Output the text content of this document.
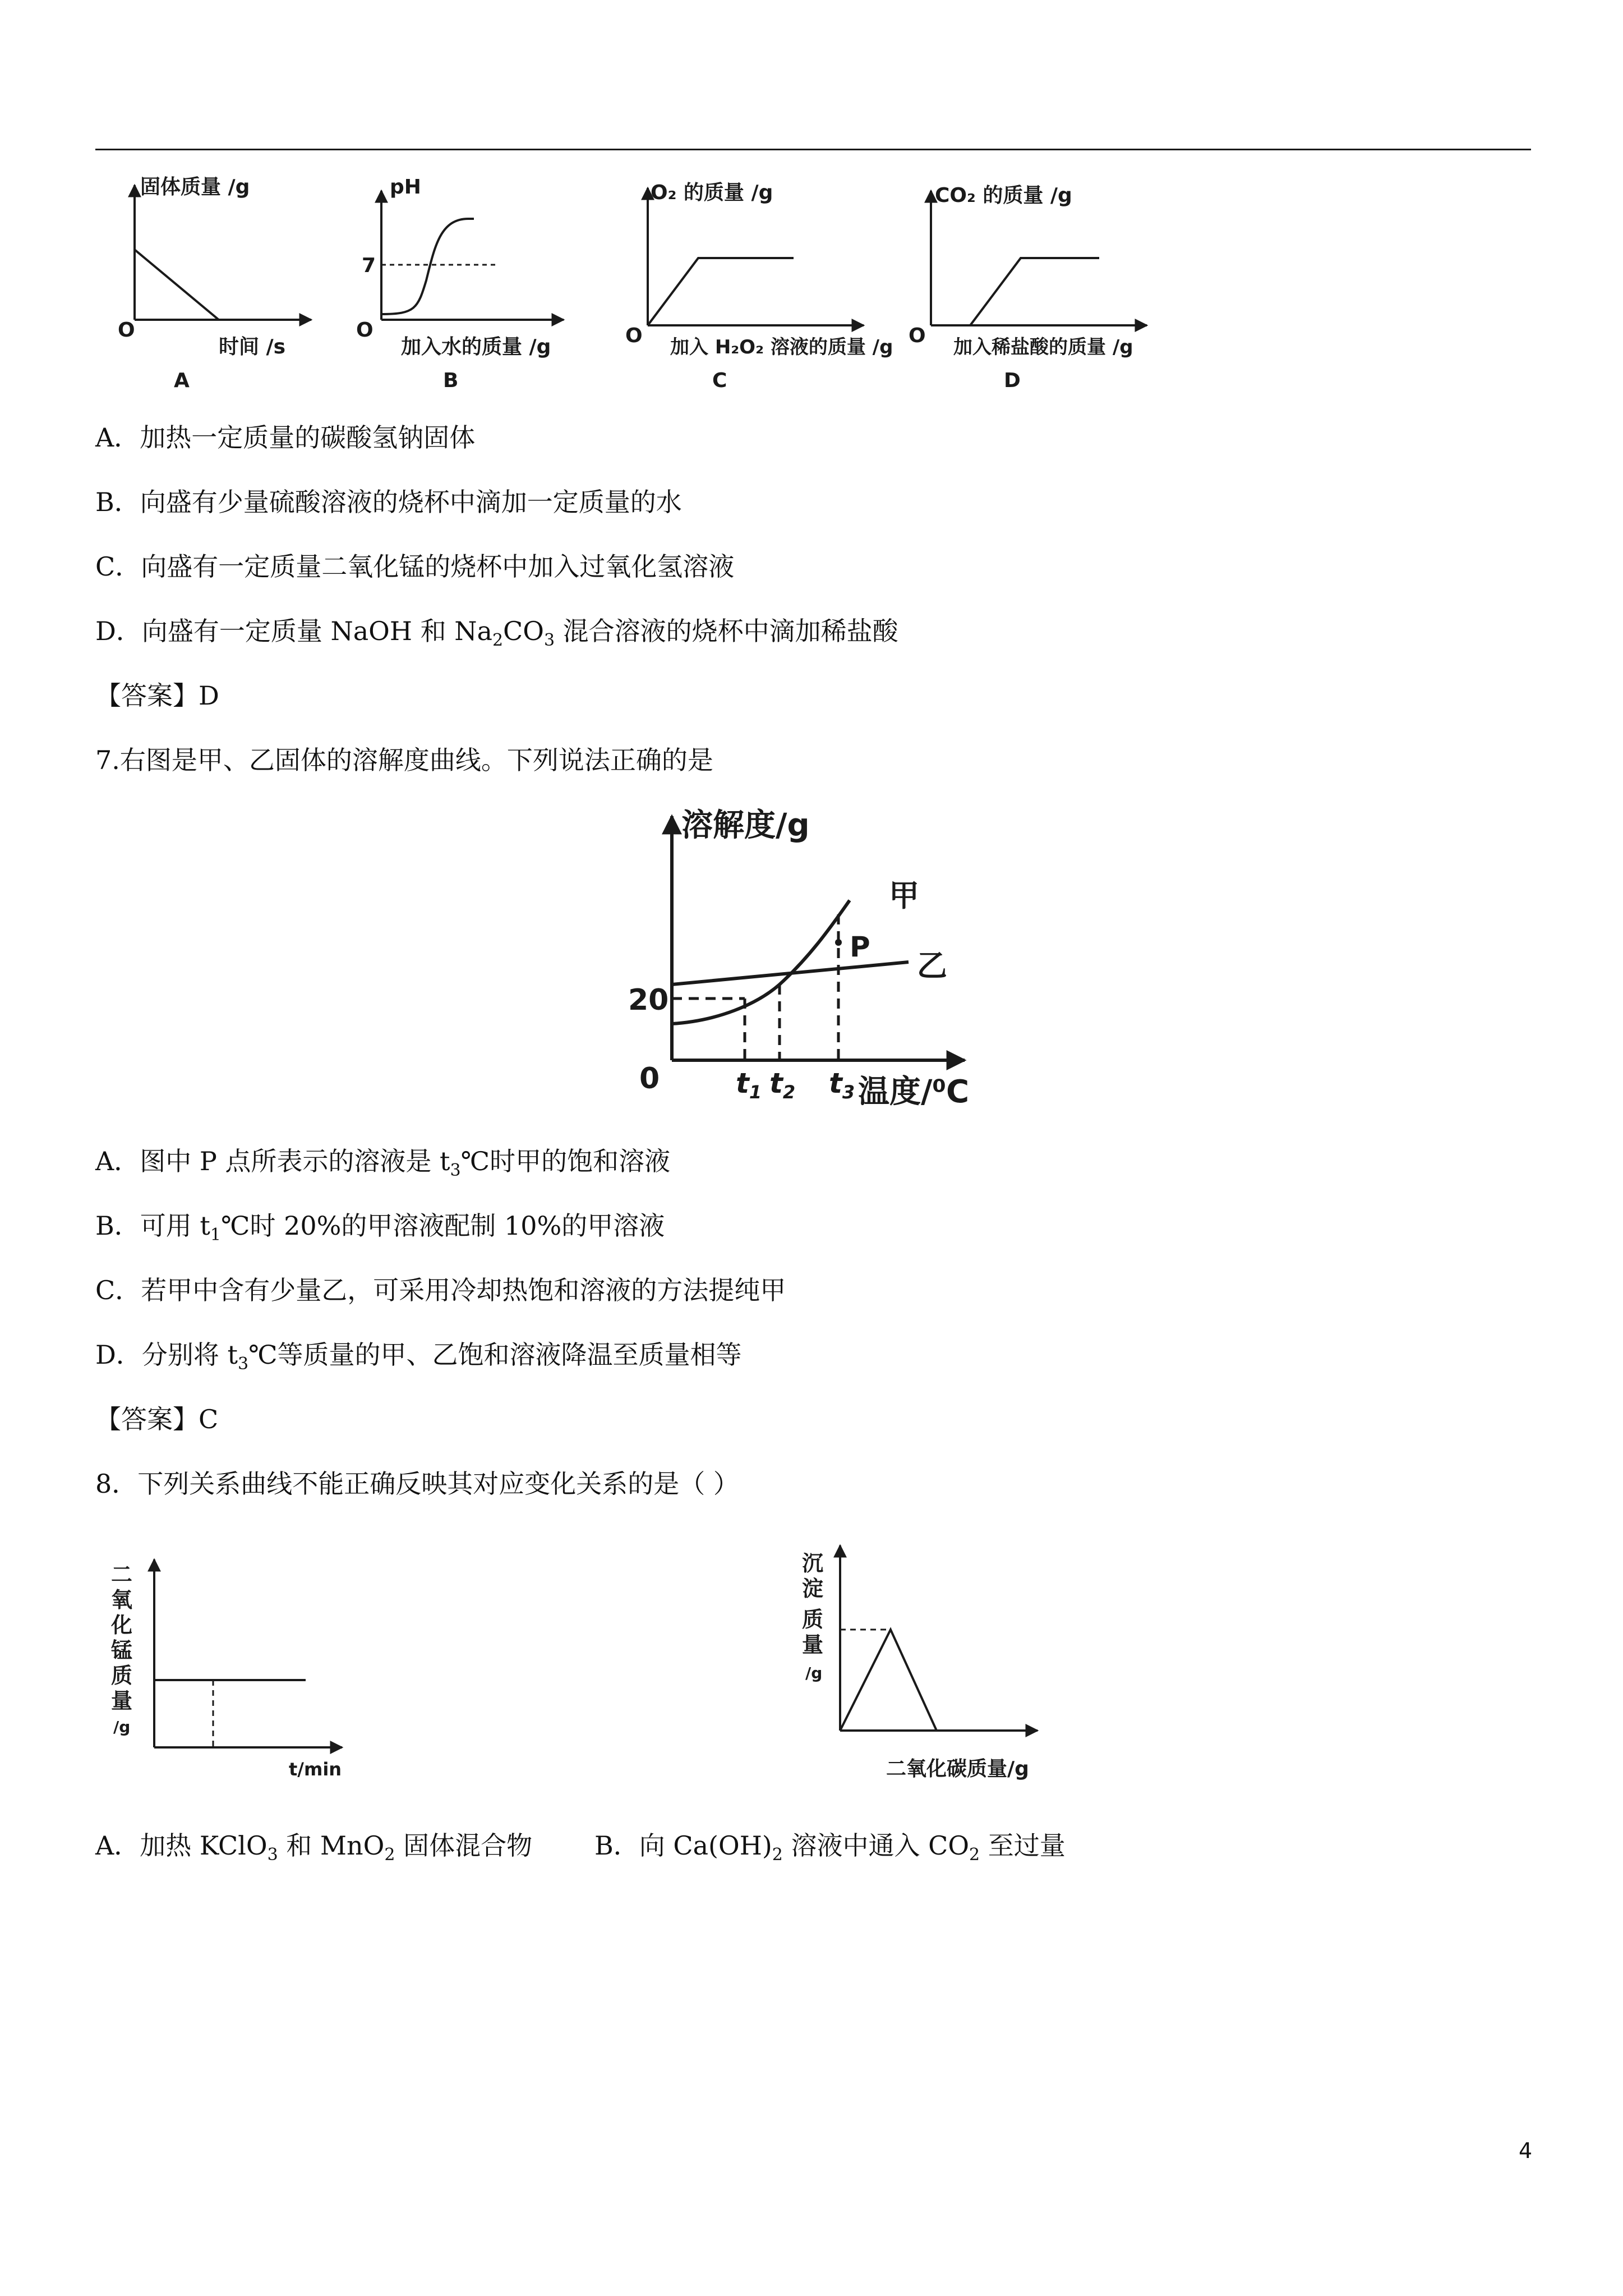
固体质量 /g
O
时间 /s
A
pH
7
O
加入水的质量 /g
B
O₂ 的质量 /g
O 加入 H₂O₂ 溶液的质量 /g
C
CO₂ 的质量 /g
O 加入稀盐酸的质量 /g
D
A．加热一定质量的碳酸氢钠固体
B．向盛有少量硫酸溶液的烧杯中滴加一定质量的水
C．向盛有一定质量二氧化锰的烧杯中加入过氧化氢溶液
D．向盛有一定质量 NaOH 和 $Na_2CO_3$ 混合溶液的烧杯中滴加稀盐酸
【答案】D
7.右图是甲、乙固体的溶解度曲线。下列说法正确的是
溶解度/g
20
0	$t_1$ $t_2$ $t_3$ 温度/⁰C
甲
乙
P
A．图中 P 点所表示的溶液是 $t_3℃$时甲的饱和溶液
B．可用 $t_1℃$时 20%的甲溶液配制 10%的甲溶液
C．若甲中含有少量乙，可采用冷却热饱和溶液的方法提纯甲
D．分别将 $t_3℃$等质量的甲、乙饱和溶液降温至质量相等
【答案】C
8．下列关系曲线不能正确反映其对应变化关系的是（ ）
二 氧 化 锰 质 量 /g
t/min
沉 淀 质 量 /g
二氧化碳质量/g
A．加热 KClO$_3$ 和 MnO$_2$ 固体混合物 B．向 $Ca(OH)_2$ 溶液中通入 $CO_2$ 至过量
4
